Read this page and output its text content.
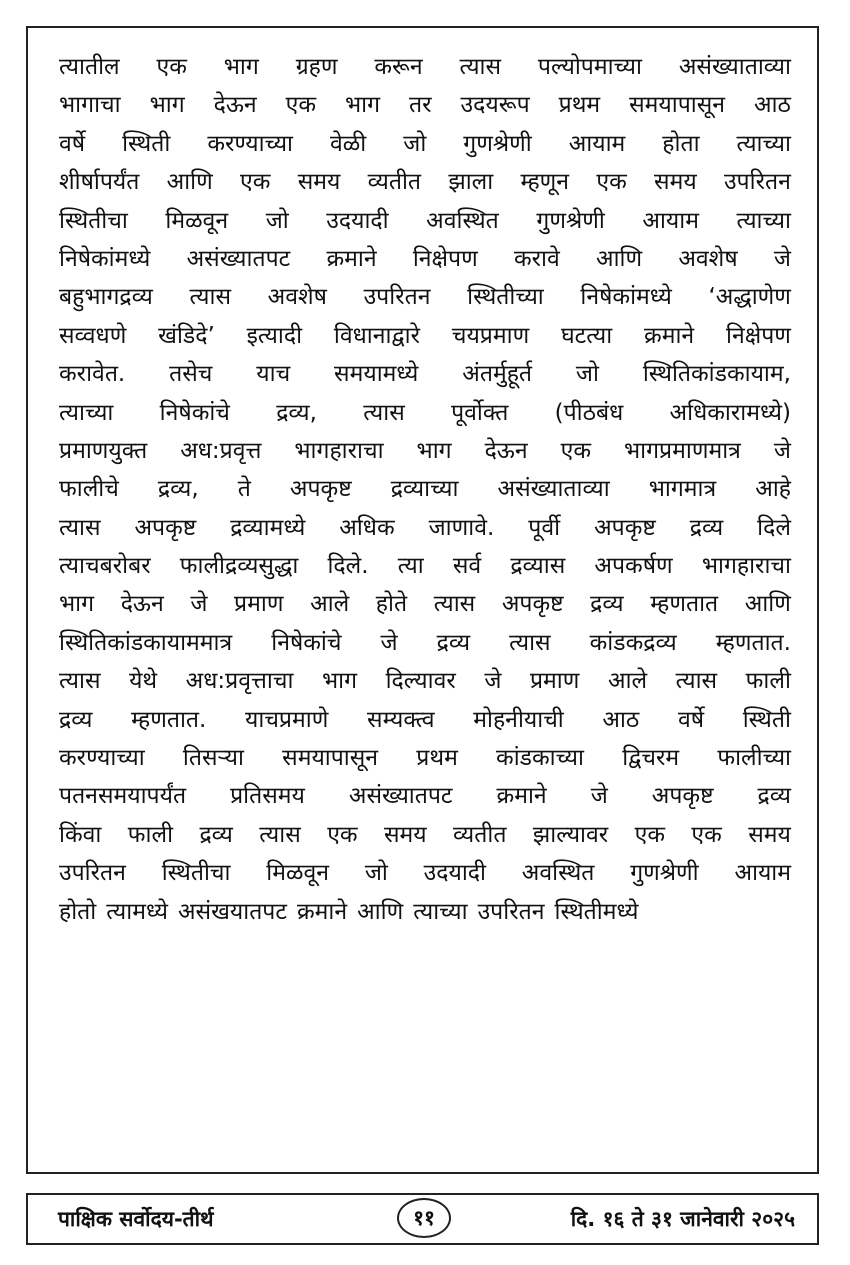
त्यातील एक भाग ग्रहण करून त्यास पल्योपमाच्या असंख्याताव्या
भागाचा भाग देऊन एक भाग तर उदयरूप प्रथम समयापासून आठ
वर्षे स्थिती करण्याच्या वेळी जो गुणश्रेणी आयाम होता त्याच्या
शीर्षापर्यंत आणि एक समय व्यतीत झाला म्हणून एक समय उपरितन
स्थितीचा मिळवून जो उदयादी अवस्थित गुणश्रेणी आयाम त्याच्या
निषेकांमध्ये असंख्यातपट क्रमाने निक्षेपण करावे आणि अवशेष जे
बहुभागद्रव्य त्यास अवशेष उपरितन स्थितीच्या निषेकांमध्ये ‘अद्धाणेण
सव्वधणे खंडिदे’ इत्यादी विधानाद्वारे चयप्रमाण घटत्या क्रमाने निक्षेपण
करावेत. तसेच याच समयामध्ये अंतर्मुहूर्त जो स्थितिकांडकायाम,
त्याच्या निषेकांचे द्रव्य, त्यास पूर्वोक्त (पीठबंध अधिकारामध्ये)
प्रमाणयुक्त अध:प्रवृत्त भागहाराचा भाग देऊन एक भागप्रमाणमात्र जे
फालीचे द्रव्य, ते अपकृष्ट द्रव्याच्या असंख्याताव्या भागमात्र आहे
त्यास अपकृष्ट द्रव्यामध्ये अधिक जाणावे. पूर्वी अपकृष्ट द्रव्य दिले
त्याचबरोबर फालीद्रव्यसुद्धा दिले. त्या सर्व द्रव्यास अपकर्षण भागहाराचा
भाग देऊन जे प्रमाण आले होते त्यास अपकृष्ट द्रव्य म्हणतात आणि
स्थितिकांडकायाममात्र निषेकांचे जे द्रव्य त्यास कांडकद्रव्य म्हणतात.
त्यास येथे अध:प्रवृत्ताचा भाग दिल्यावर जे प्रमाण आले त्यास फाली
द्रव्य म्हणतात. याचप्रमाणे सम्यक्त्व मोहनीयाची आठ वर्षे स्थिती
करण्याच्या तिसऱ्या समयापासून प्रथम कांडकाच्या द्विचरम फालीच्या
पतनसमयापर्यंत प्रतिसमय असंख्यातपट क्रमाने जे अपकृष्ट द्रव्य
किंवा फाली द्रव्य त्यास एक समय व्यतीत झाल्यावर एक एक समय
उपरितन स्थितीचा मिळवून जो उदयादी अवस्थित गुणश्रेणी आयाम
होतो त्यामध्ये असंखयातपट क्रमाने आणि त्याच्या उपरितन स्थितीमध्ये
पाक्षिक सर्वोदय-तीर्थ	११	दि. १६ ते ३१ जानेवारी २०२५
